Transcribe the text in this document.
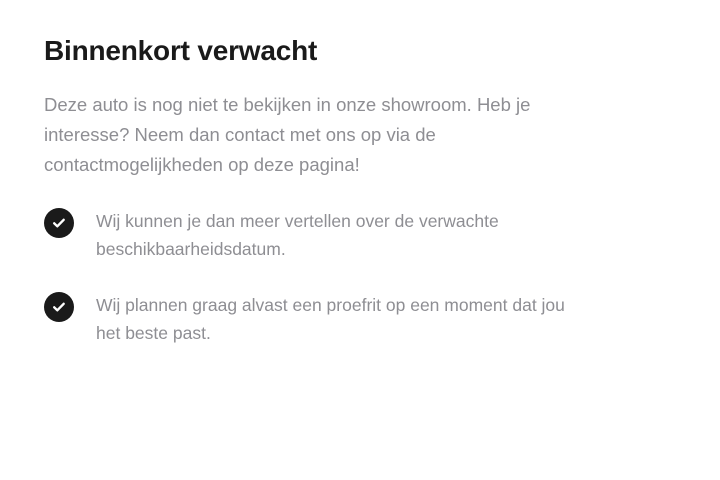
Binnenkort verwacht

Deze auto is nog niet te bekijken in onze showroom. Heb je interesse? Neem dan contact met ons op via de contactmogelijkheden op deze pagina!

Wij kunnen je dan meer vertellen over de verwachte beschikbaarheidsdatum.
Wij plannen graag alvast een proefrit op een moment dat jou het beste past.
